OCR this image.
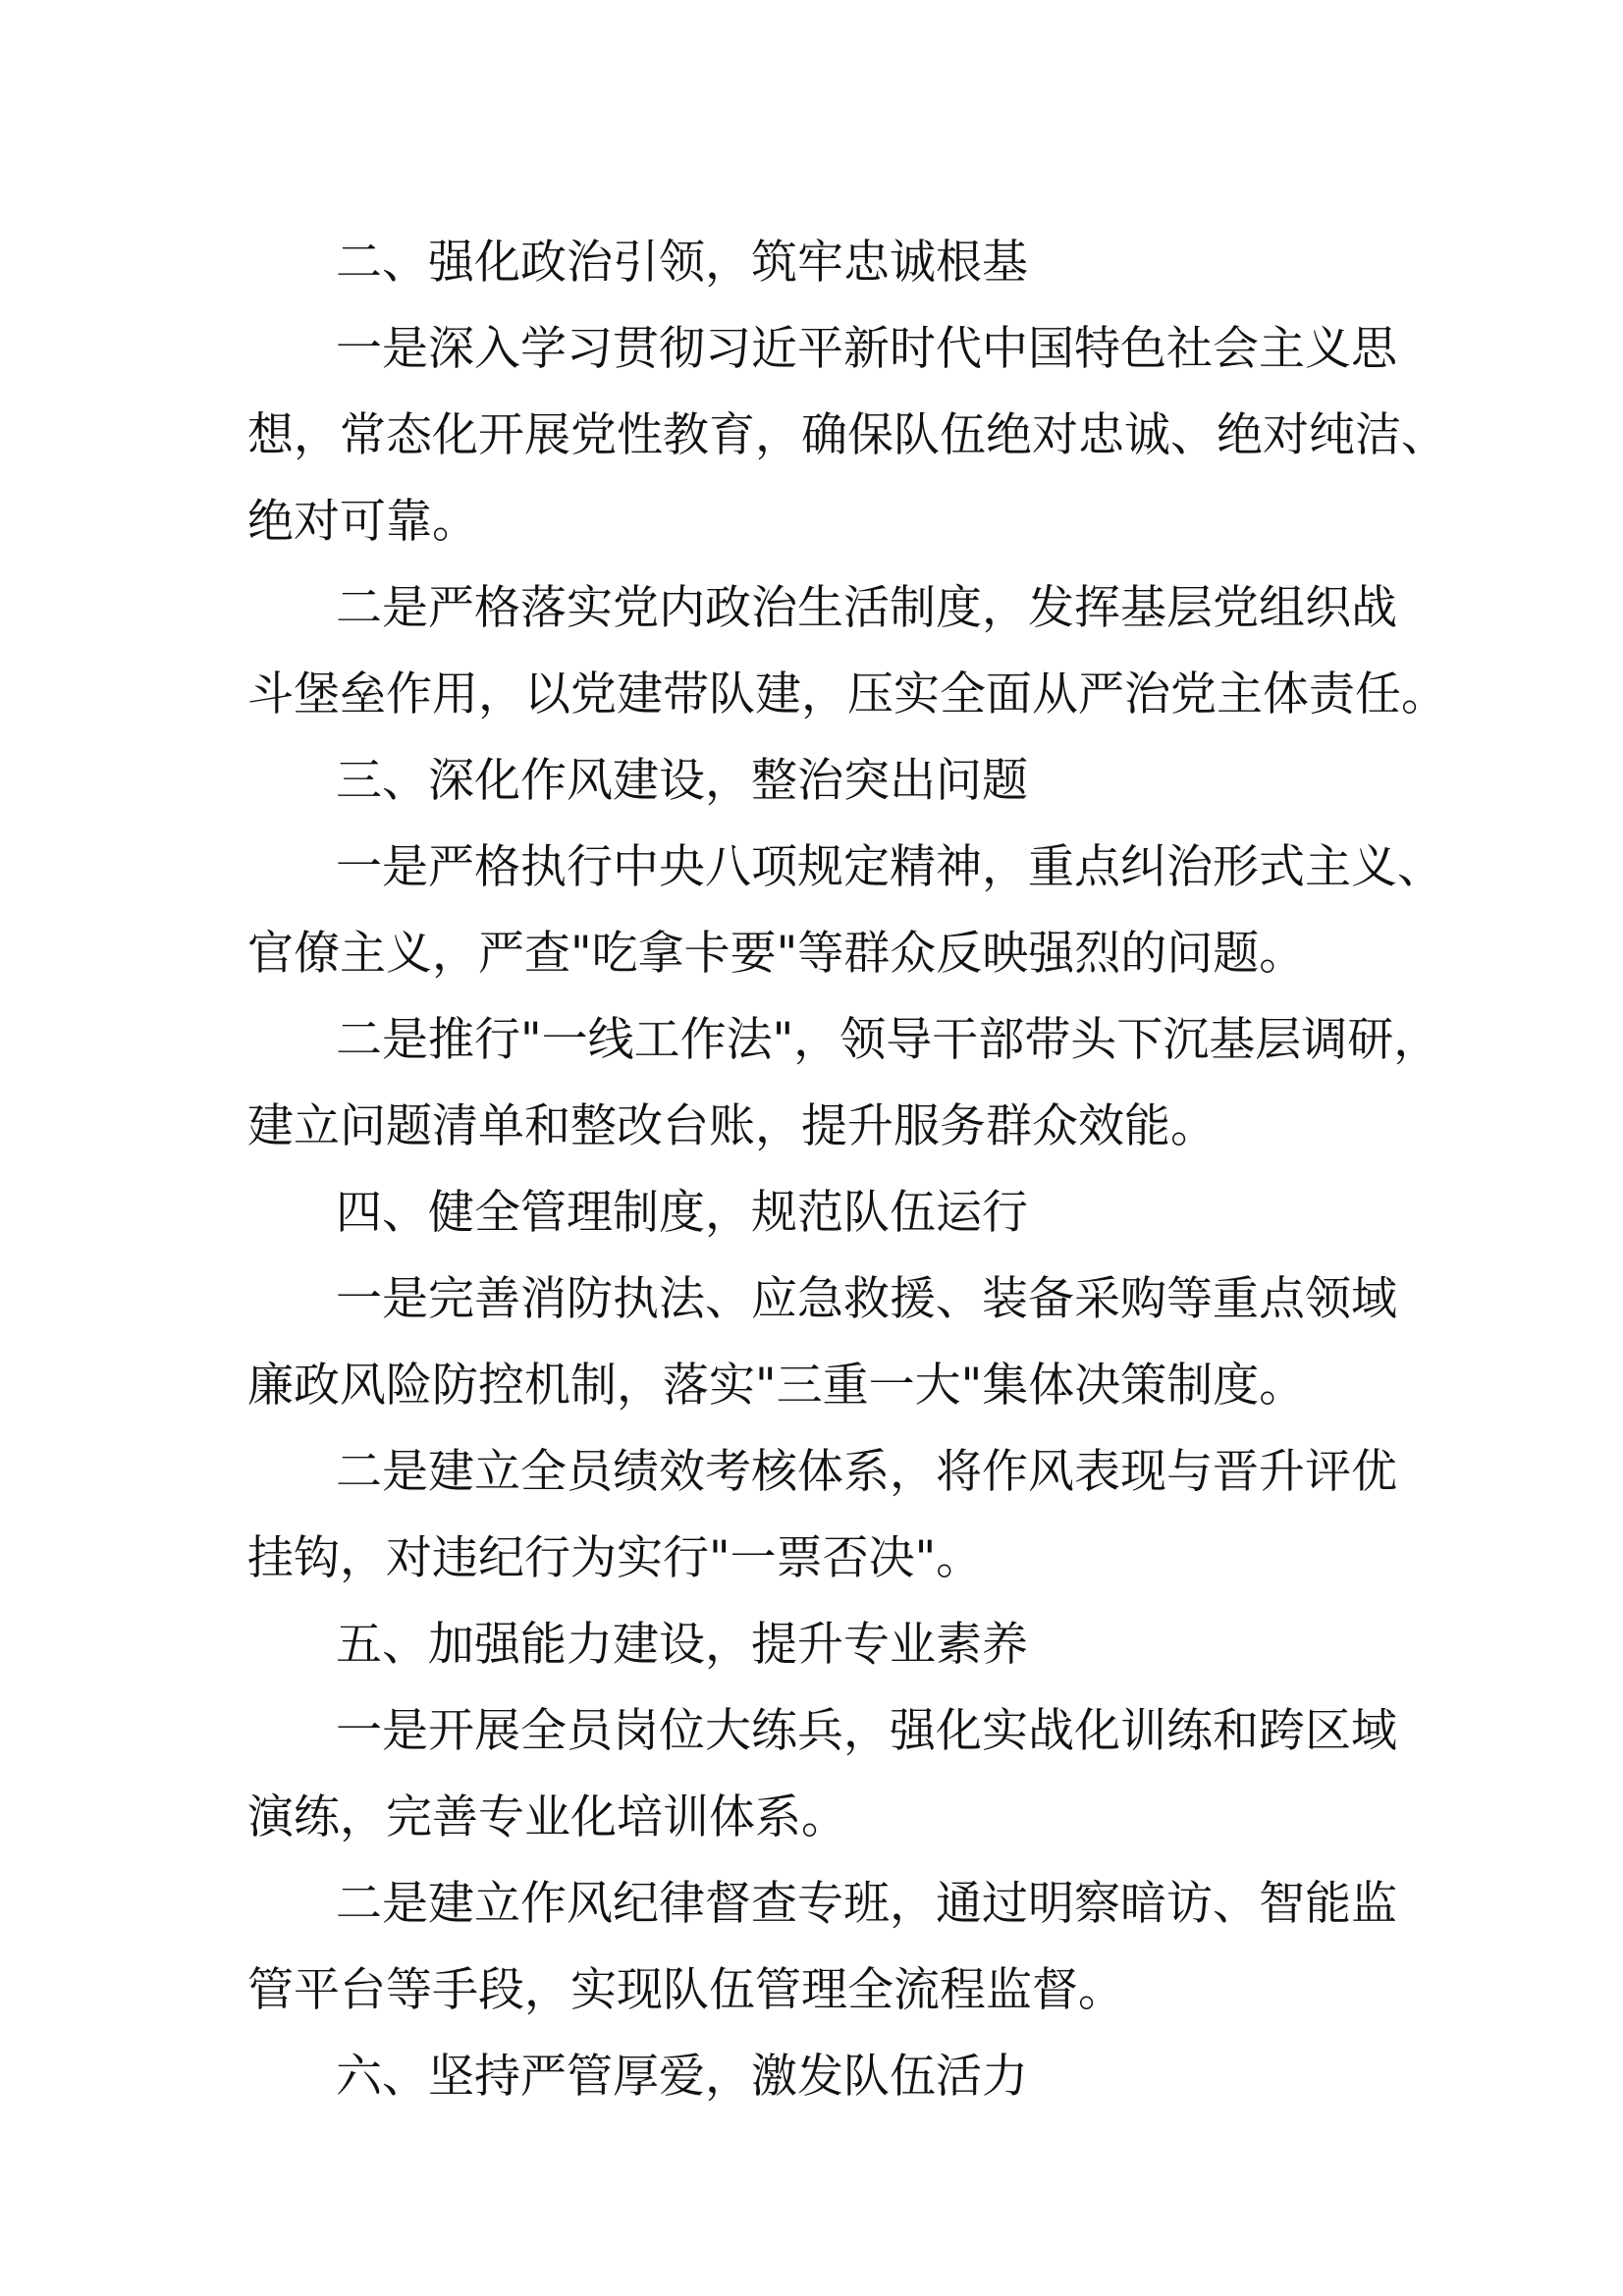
二、强化政治引领，筑牢忠诚根基
一是深入学习贯彻习近平新时代中国特色社会主义思
想，常态化开展党性教育，确保队伍绝对忠诚、绝对纯洁、
绝对可靠。
二是严格落实党内政治生活制度，发挥基层党组织战
斗堡垒作用，以党建带队建，压实全面从严治党主体责任。
三、深化作风建设，整治突出问题
一是严格执行中央八项规定精神，重点纠治形式主义、
官僚主义，严查"吃拿卡要"等群众反映强烈的问题。
二是推行"一线工作法"，领导干部带头下沉基层调研，
建立问题清单和整改台账，提升服务群众效能。
四、健全管理制度，规范队伍运行
一是完善消防执法、应急救援、装备采购等重点领域
廉政风险防控机制，落实"三重一大"集体决策制度。
二是建立全员绩效考核体系，将作风表现与晋升评优
挂钩，对违纪行为实行"一票否决"。
五、加强能力建设，提升专业素养
一是开展全员岗位大练兵，强化实战化训练和跨区域
演练，完善专业化培训体系。
二是建立作风纪律督查专班，通过明察暗访、智能监
管平台等手段，实现队伍管理全流程监督。
六、坚持严管厚爱，激发队伍活力
